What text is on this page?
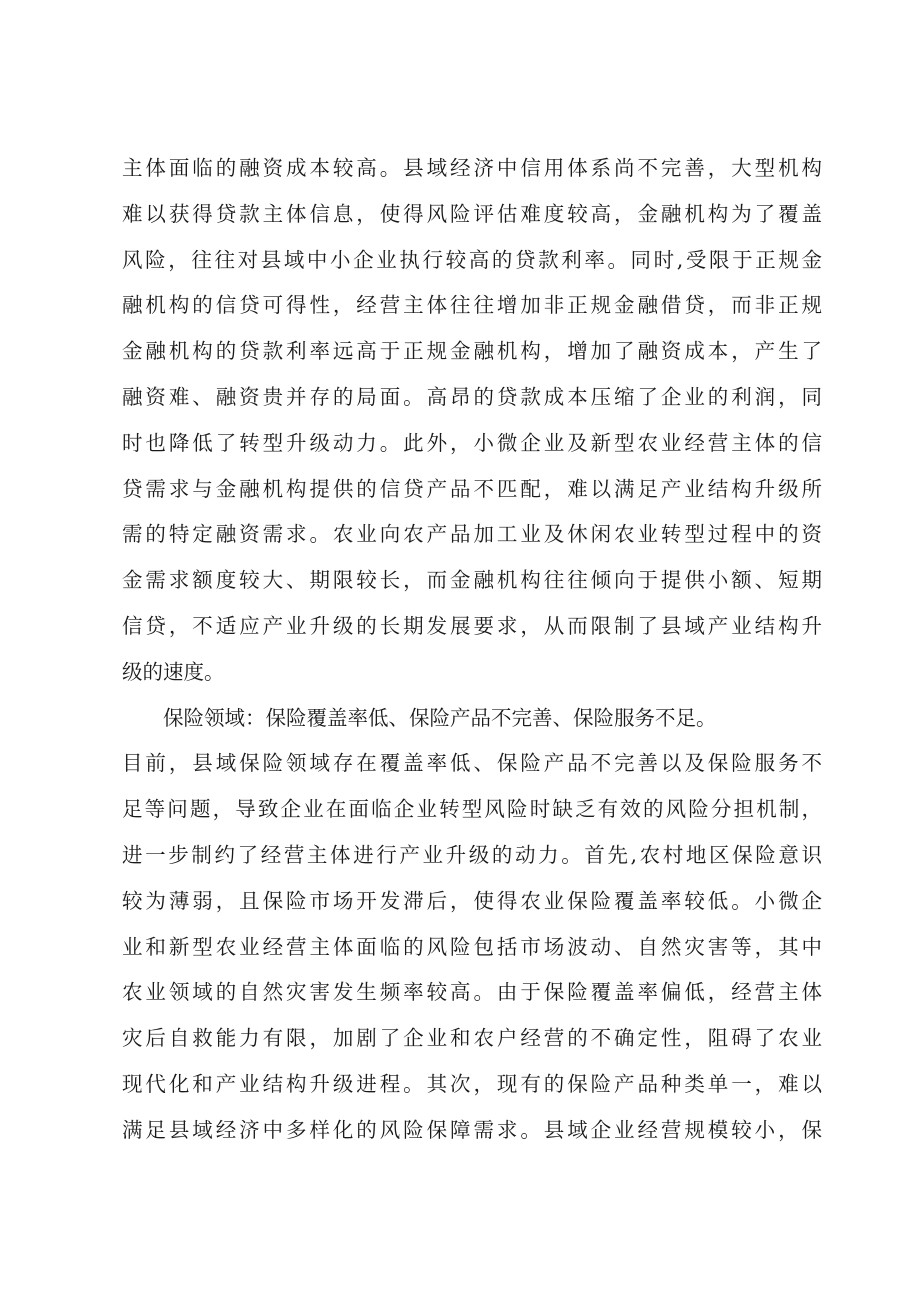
主体面临的融资成本较高。县域经济中信用体系尚不完善，大型机构
难以获得贷款主体信息，使得风险评估难度较高，金融机构为了覆盖
风险，往往对县域中小企业执行较高的贷款利率。同时,受限于正规金
融机构的信贷可得性，经营主体往往增加非正规金融借贷，而非正规
金融机构的贷款利率远高于正规金融机构，增加了融资成本，产生了
融资难、融资贵并存的局面。高昂的贷款成本压缩了企业的利润，同
时也降低了转型升级动力。此外，小微企业及新型农业经营主体的信
贷需求与金融机构提供的信贷产品不匹配，难以满足产业结构升级所
需的特定融资需求。农业向农产品加工业及休闲农业转型过程中的资
金需求额度较大、期限较长，而金融机构往往倾向于提供小额、短期
信贷，不适应产业升级的长期发展要求，从而限制了县域产业结构升
级的速度。
保险领域：保险覆盖率低、保险产品不完善、保险服务不足。
目前，县域保险领域存在覆盖率低、保险产品不完善以及保险服务不
足等问题，导致企业在面临企业转型风险时缺乏有效的风险分担机制，
进一步制约了经营主体进行产业升级的动力。首先,农村地区保险意识
较为薄弱，且保险市场开发滞后，使得农业保险覆盖率较低。小微企
业和新型农业经营主体面临的风险包括市场波动、自然灾害等，其中
农业领域的自然灾害发生频率较高。由于保险覆盖率偏低，经营主体
灾后自救能力有限，加剧了企业和农户经营的不确定性，阻碍了农业
现代化和产业结构升级进程。其次，现有的保险产品种类单一，难以
满足县域经济中多样化的风险保障需求。县域企业经营规模较小，保
